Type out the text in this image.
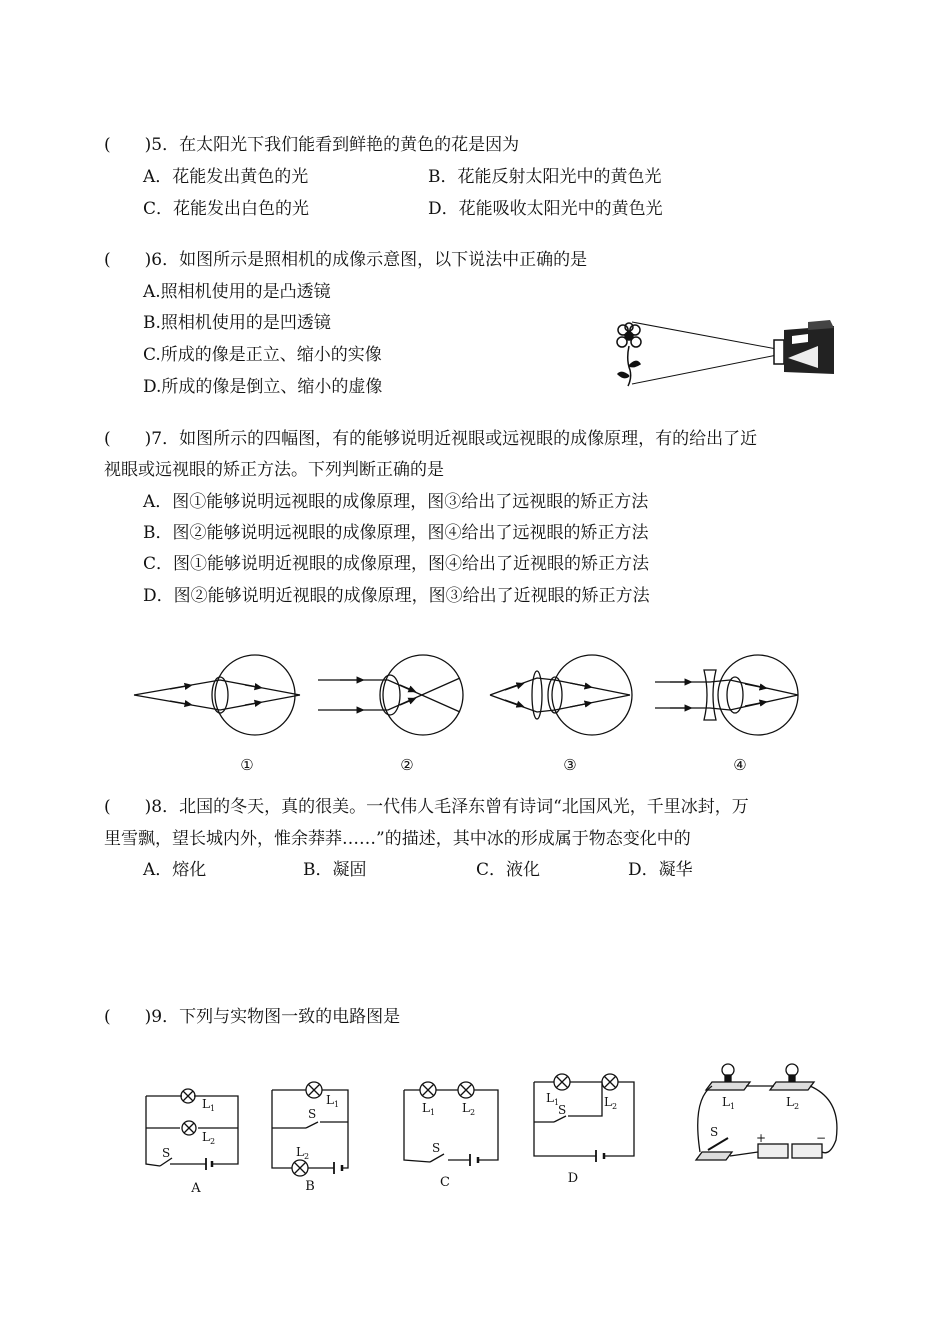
(　　)5．在太阳光下我们能看到鲜艳的黄色的花是因为
A．花能发出黄色的光	B．花能反射太阳光中的黄色光
C．花能发出白色的光	D．花能吸收太阳光中的黄色光
(　　)6．如图所示是照相机的成像示意图，以下说法中正确的是
A.照相机使用的是凸透镜
B.照相机使用的是凹透镜
C.所成的像是正立、缩小的实像
D.所成的像是倒立、缩小的虚像
(　　)7．如图所示的四幅图，有的能够说明近视眼或远视眼的成像原理，有的给出了近
视眼或远视眼的矫正方法。下列判断正确的是
A．图①能够说明远视眼的成像原理，图③给出了远视眼的矫正方法
B．图②能够说明远视眼的成像原理，图④给出了远视眼的矫正方法
C．图①能够说明近视眼的成像原理，图④给出了近视眼的矫正方法
D．图②能够说明近视眼的成像原理，图③给出了近视眼的矫正方法
①	②	③	④
(　　)8．北国的冬天，真的很美。一代伟人毛泽东曾有诗词“北国风光，千里冰封，万
里雪飘，望长城内外，惟余莽莽……”的描述，其中冰的形成属于物态变化中的
A．熔化	B．凝固	C．液化	D．凝华
(　　)9．下列与实物图一致的电路图是
L 1
L 2
S
L 1
S
L 2
L 1 L 2
S
L 1	L 2
S
L 1	L 2
S	+	−
A	B	C	D
